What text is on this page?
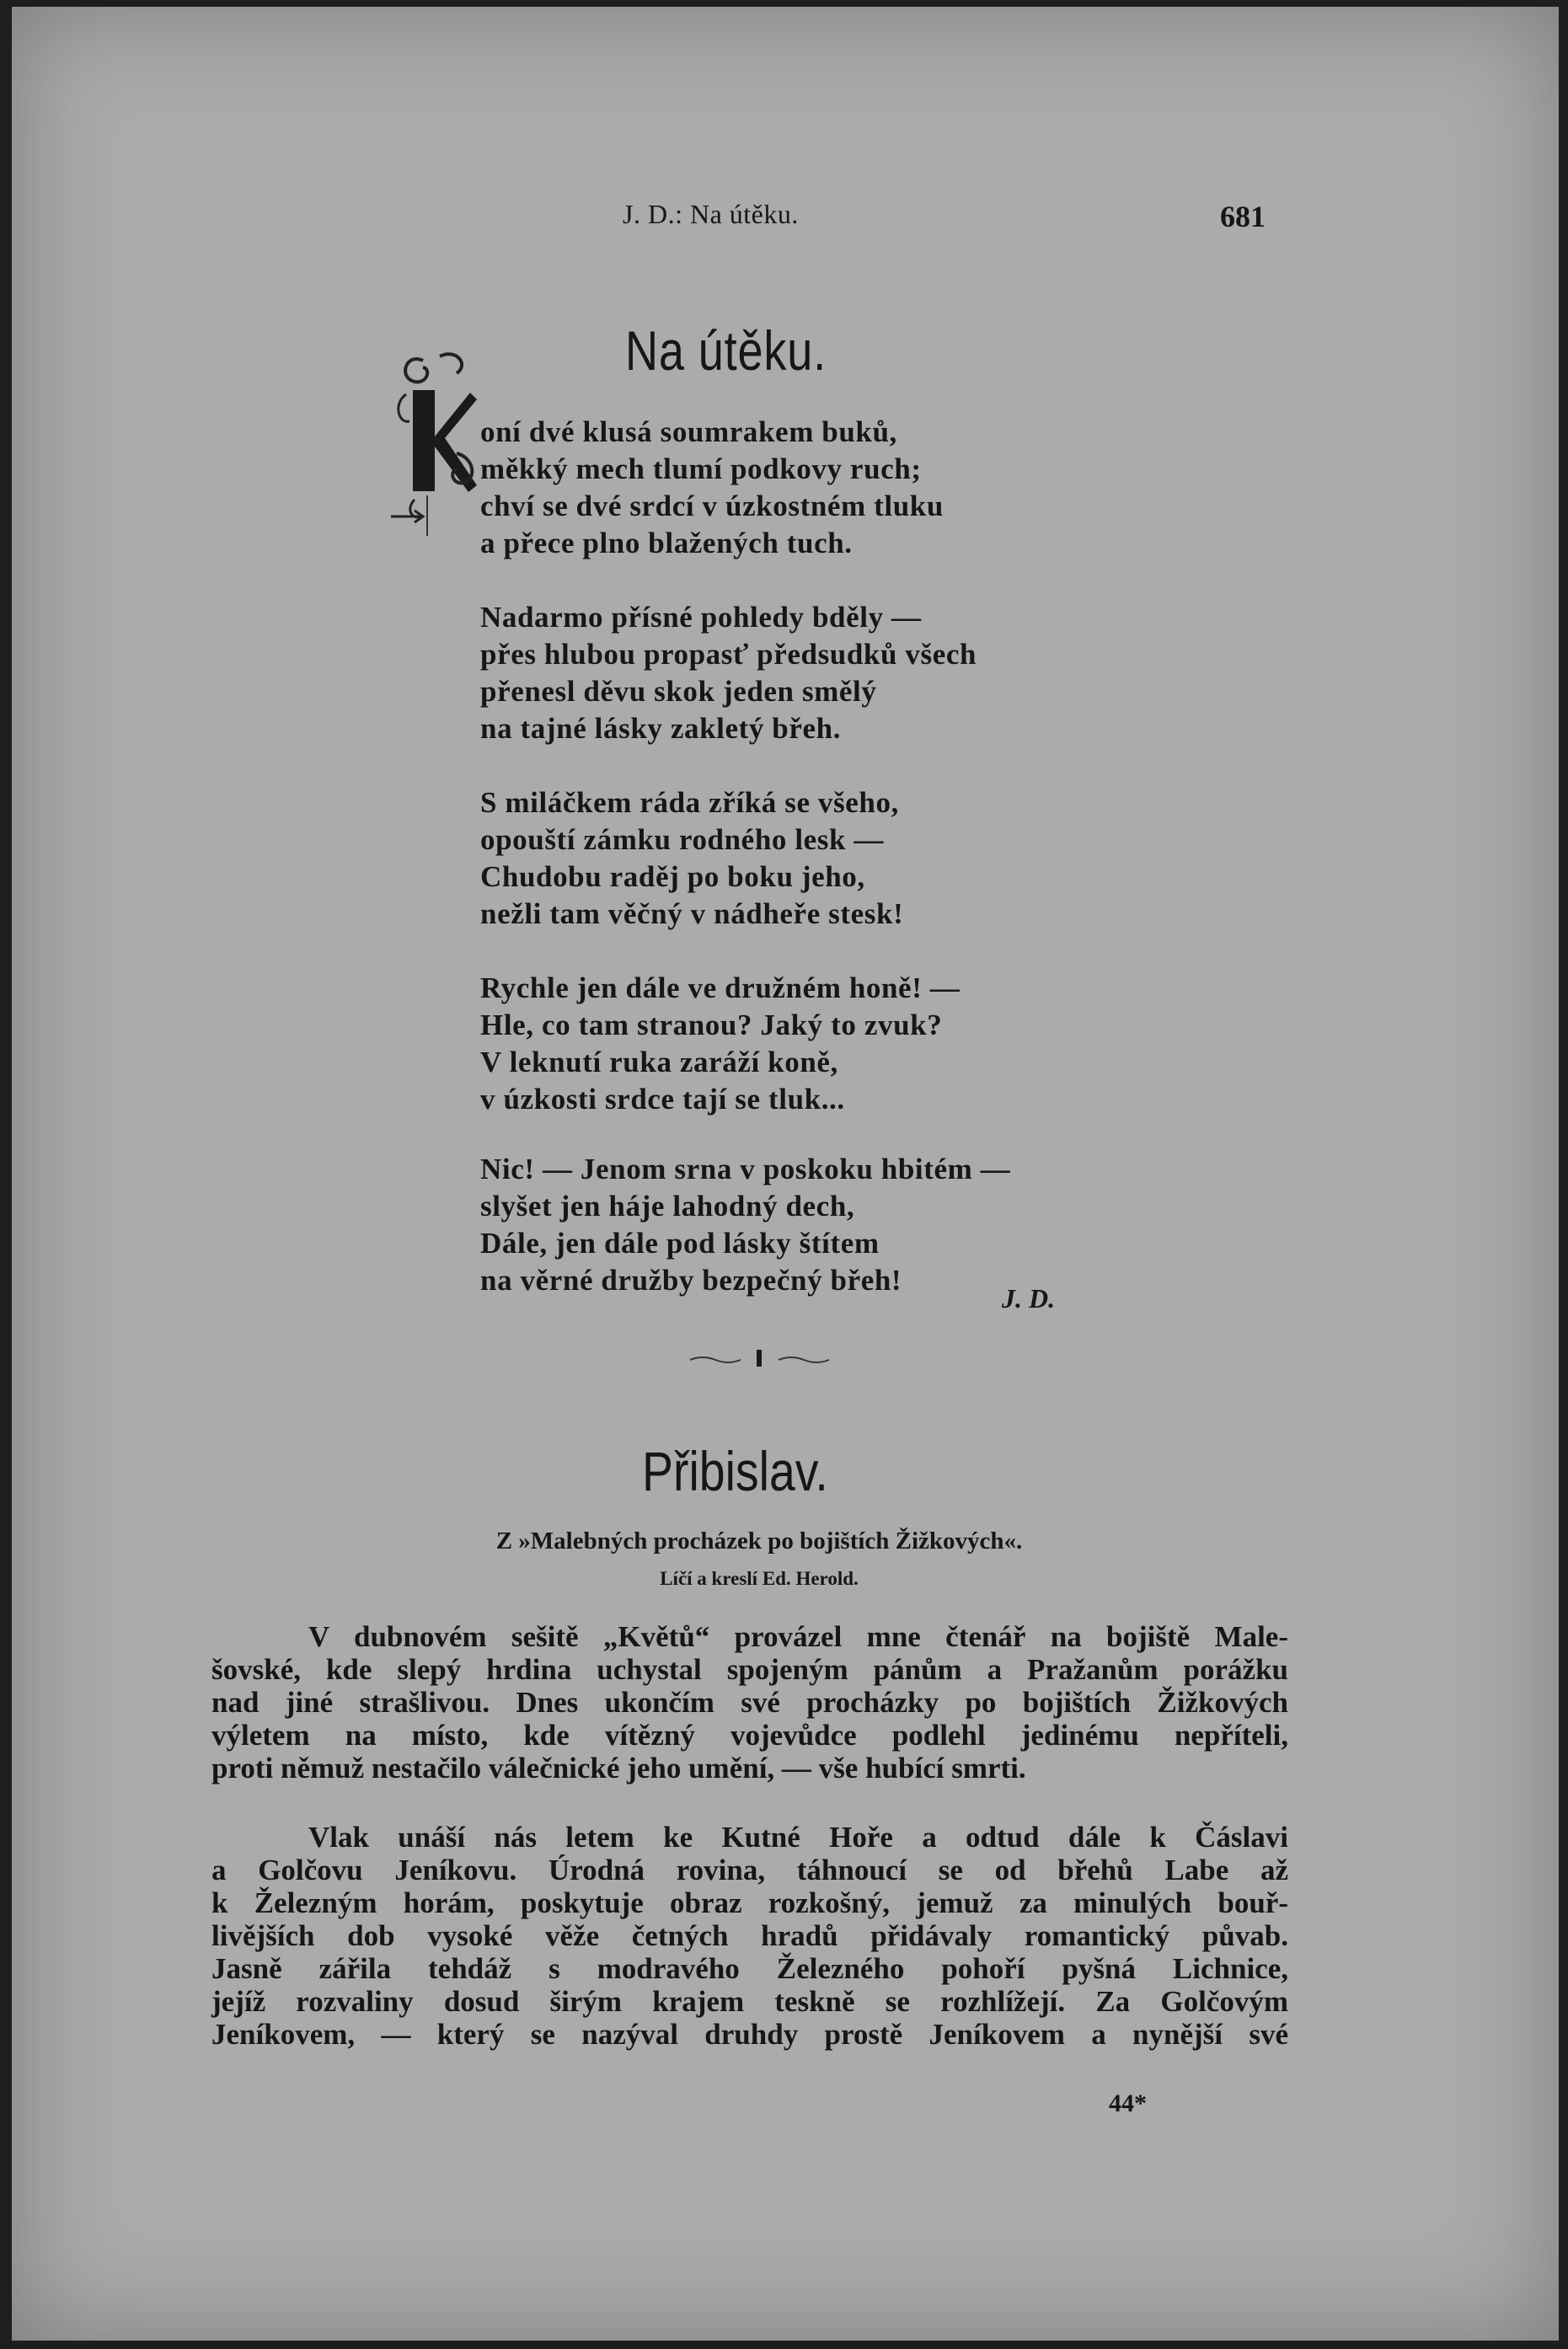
J. D.: Na útěku.	681
Na útěku.
oní dvé klusá soumrakem buků,
měkký mech tlumí podkovy ruch;
chví se dvé srdcí v úzkostném tluku
a přece plno blažených tuch.
Nadarmo přísné pohledy bděly —
přes hlubou propasť předsudků všech
přenesl děvu skok jeden smělý
na tajné lásky zakletý břeh.
S miláčkem ráda zříká se všeho,
opouští zámku rodného lesk —
Chudobu raděj po boku jeho,
nežli tam věčný v nádheře stesk!
Rychle jen dále ve družném honě! —
Hle, co tam stranou? Jaký to zvuk?
V leknutí ruka zaráží koně,
v úzkosti srdce tají se tluk...
Nic! — Jenom srna v poskoku hbitém —
slyšet jen háje lahodný dech,
Dále, jen dále pod lásky štítem
na věrné družby bezpečný břeh!
J. D.
Přibislav.
Z »Malebných procházek po bojištích Žižkových«.
Líčí a kreslí Ed. Herold.

V dubnovém sešitě „Květů“ provázel mne čtenář na bojiště Male-
šovské, kde slepý hrdina uchystal spojeným pánům a Pražanům porážku
nad jiné strašlivou. Dnes ukončím své procházky po bojištích Žižkových
výletem na místo, kde vítězný vojevůdce podlehl jedinému nepříteli,
proti němuž nestačilo válečnické jeho umění, — vše hubící smrti.

Vlak unáší nás letem ke Kutné Hoře a odtud dále k Čáslavi
a Golčovu Jeníkovu. Úrodná rovina, táhnoucí se od břehů Labe až
k Železným horám, poskytuje obraz rozkošný, jemuž za minulých bouř-
livějších dob vysoké věže četných hradů přidávaly romantický půvab.
Jasně zářila tehdáž s modravého Železného pohoří pyšná Lichnice,
jejíž rozvaliny dosud širým krajem teskně se rozhlížejí. Za Golčovým
Jeníkovem, — který se nazýval druhdy prostě Jeníkovem a nynější své

44*
